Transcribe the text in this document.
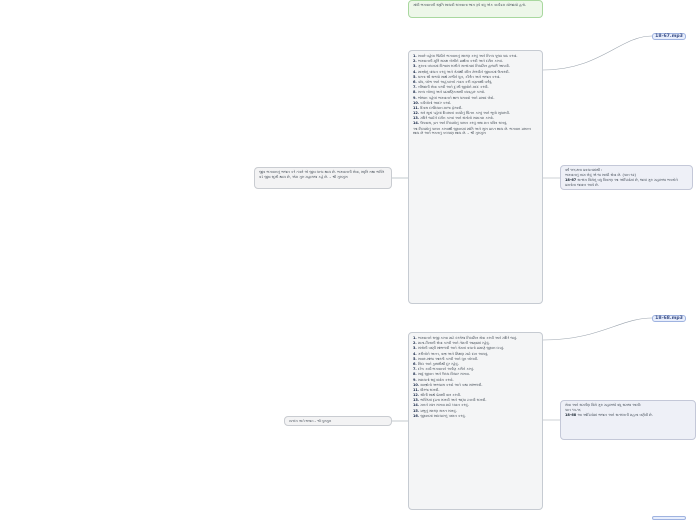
ગાંધી ભગવાનની સ્મૃતિ સાચવી રાખવાના ભાગ રૂપે વધુ એક કાર્યક્રમ યોજાયો હતો.
18-67.mp3
18-68.mp3
જીવ ભગવાનનું ભજન કરે ત્યારે એ જીવ ધન્ય થાય છે. ભગવાનની સેવા, સ્મૃતિ તથા ભક્તિ વડે જીવ સુખી થાય છે, એમ ગુરુ મહારાજ કહે છે. – શ્રી ગુરુમુખ
1. સવારે વહેલા ઊઠીને ભગવાનનું સ્મરણ કરવું અને નિત્ય પૂજા પાઠ કરવાં.
2. ભગવાનની મૂર્તિ સમક્ષ બેસીને પ્રાર્થના કરવી અને દર્શન કરવાં.
3. ગુરુના વચનમાં વિશ્વાસ રાખીને સત્સંગમાં નિયમિત હાજરી આપવી.
4. શાસ્ત્રોનું વાંચન કરવું અને તેમાંથી શીખ મેળવીને જીવનમાં ઉતારવી.
5. ઘરના સૌ સભ્યો સાથે મળીને ધૂન, કીર્તન અને ભજન કરવાં.
6. ક્રોધ, લોભ અને અહંકારનો ત્યાગ કરી નમ્રતાથી વર્તવું.
7. બીજાની સેવા કરવી અને દુઃખી જીવોને મદદ કરવી.
8. સત્ય બોલવું અને પ્રામાણિકતાથી વ્યવહાર કરવો.
9. ભોજન પહેલાં ભગવાનને થાળ ધરાવવો અને પ્રસાદ લેવો.
10. વડીલોનો આદર કરવો.
11. દિવસ દરમિયાન માળા ફેરવવી.
12. રાત્રે સૂતાં પહેલાં દિવસનાં કાર્યોનું ચિંતન કરવું અને ભૂલો સુધારવી.
13. મંદિરે જઈને દર્શન કરવાં અને સંતોનો સમાગમ કરવો.
14. ઉપવાસ, વ્રત અને નિયમોનું પાલન કરવું તથા મન પવિત્ર રાખવું.
આ નિયમોનું પાલન કરવાથી જીવનમાં શાંતિ અને સુખ પ્રાપ્ત થાય છે. ભગવાન પ્રસન્ન થાય છે અને ભક્તનું કલ્યાણ થાય છે. – શ્રી ગુરુમુખ
વર્ષ ૧૯૬૭ના પ્રવચનમાંથી :
ભગવાનનું નામ લેવું એ જ સાચી સેવા છે. (પાન ૧૨)
18-67 સત્સંગ વિશેનું વધુ વિવરણ આ ઓડિયોમાં છે, જ્યાં ગુરુ મહારાજ ભક્તોને પ્રશ્નોના જવાબ આપે છે.
સત્સંગ અને ભજન – શ્રી ગુરુમુખ
1. ભગવાનને રાજી કરવા માટે દરરોજ નિયમિત સેવા કરવી અને મંદિરે જવું.
2. માતા-પિતાની સેવા કરવી અને તેમની આજ્ઞામાં રહેવું.
3. સંતોની વાણી સાંભળવી અને તેમનાં વચનો પ્રમાણે જીવન ઘડવું.
4. ગરીબોને અન્ન, વસ્ત્ર અને શિક્ષણ માટે દાન આપવું.
5. સવાર-સાંજ આરતી કરવી અને ધૂન બોલવી.
6. નિંદા અને કુથલીથી દૂર રહેવું.
7. દરેક કાર્ય ભગવાનને અર્પણ કરીને કરવું.
8. સાદું જીવન અને ઉચ્ચ વિચાર રાખવા.
9. સમયનો સદુપયોગ કરવો.
10. શાસ્ત્રોનો અભ્યાસ કરવો અને કથા સાંભળવી.
11. ધીરજ રાખવી.
12. સૌની સાથે પ્રેમથી વાત કરવી.
13. ભક્તિમાં દૃઢતા રાખવી અને શ્રદ્ધા ટકાવી રાખવી.
14. મનને શાંત રાખવા માટે ધ્યાન કરવું.
15. પ્રભુનું સ્મરણ સતત રાખવું.
16. જીવનમાં સદાચારનું પાલન કરવું.
સેવા અને સમર્પણ વિશે ગુરુ મહારાજે વધુ સમજ આપી:
પાન ૧૫-૧૬
18-68 આ ઓડિયોમાં ભજન અને સત્સંગની મહત્તા વર્ણવી છે.
